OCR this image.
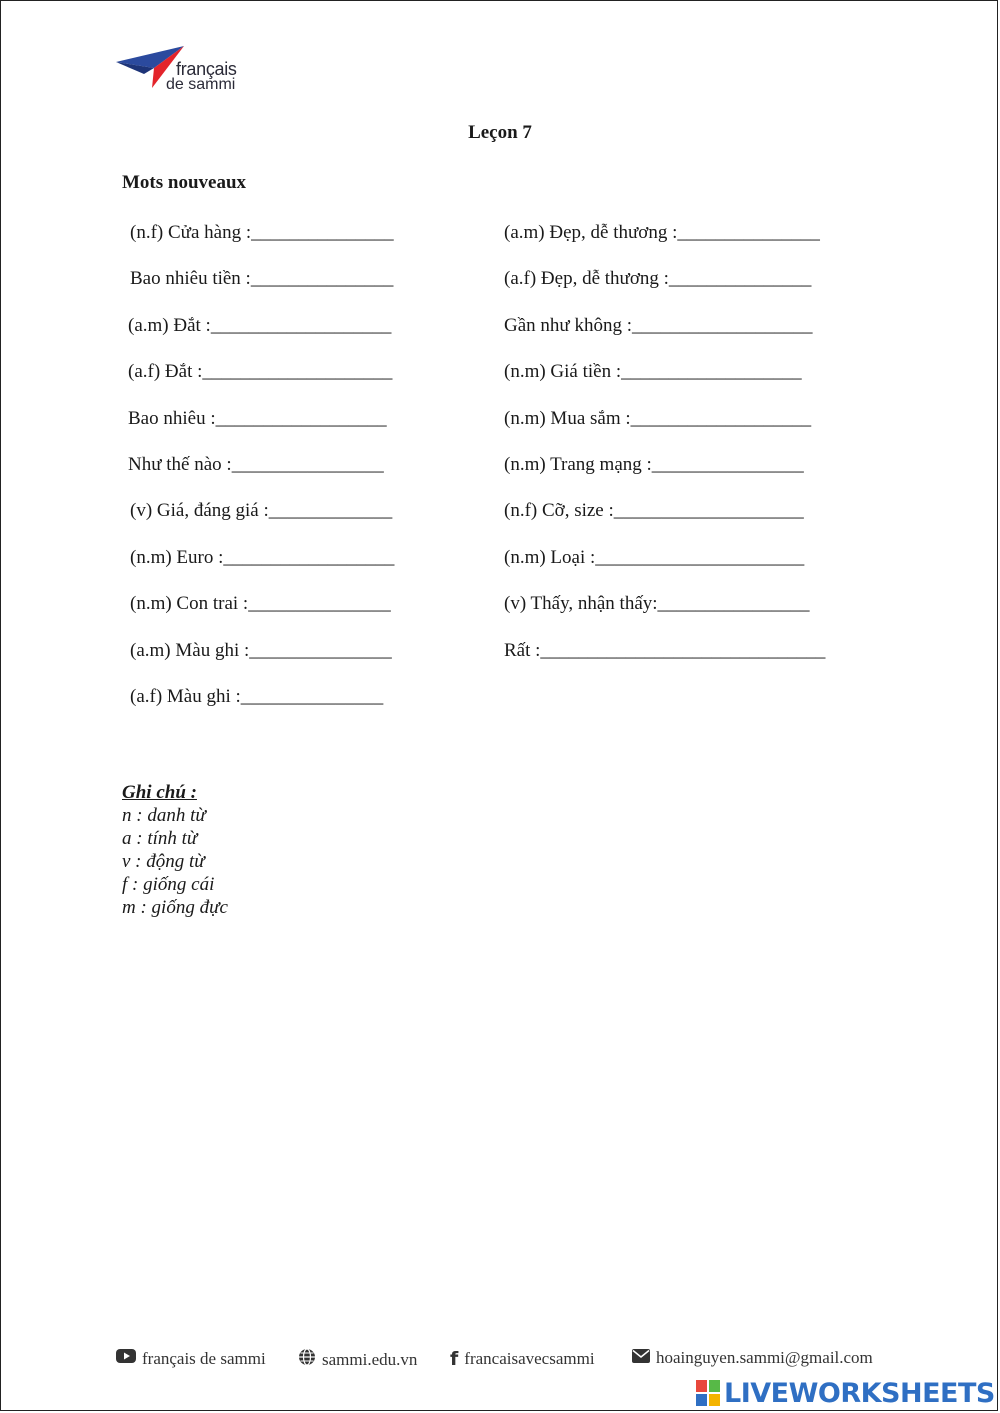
français
de sammi
Leçon 7
Mots nouveaux
(n.f) Cửa hàng :_______________
Bao nhiêu tiền :_______________
(a.m) Đắt :___________________
(a.f) Đắt :____________________
Bao nhiêu :__________________
Như thế nào :________________
(v) Giá, đáng giá :_____________
(n.m) Euro :__________________
(n.m) Con trai :_______________
(a.m) Màu ghi :_______________
(a.f) Màu ghi :_______________
(a.m) Đẹp, dễ thương :_______________
(a.f) Đẹp, dễ thương :_______________
Gần như không :___________________
(n.m) Giá tiền :___________________
(n.m) Mua sắm :___________________
(n.m) Trang mạng :________________
(n.f) Cỡ, size :____________________
(n.m) Loại :______________________
(v) Thấy, nhận thấy:________________
Rất :______________________________
Ghi chú :
n : danh từ
a : tính từ
v : động từ
f : giống cái
m : giống đực
français de sammi	sammi.edu.vn f francaisavecsammi	hoainguyen.sammi@gmail.com
LIVEWORKSHEETS
